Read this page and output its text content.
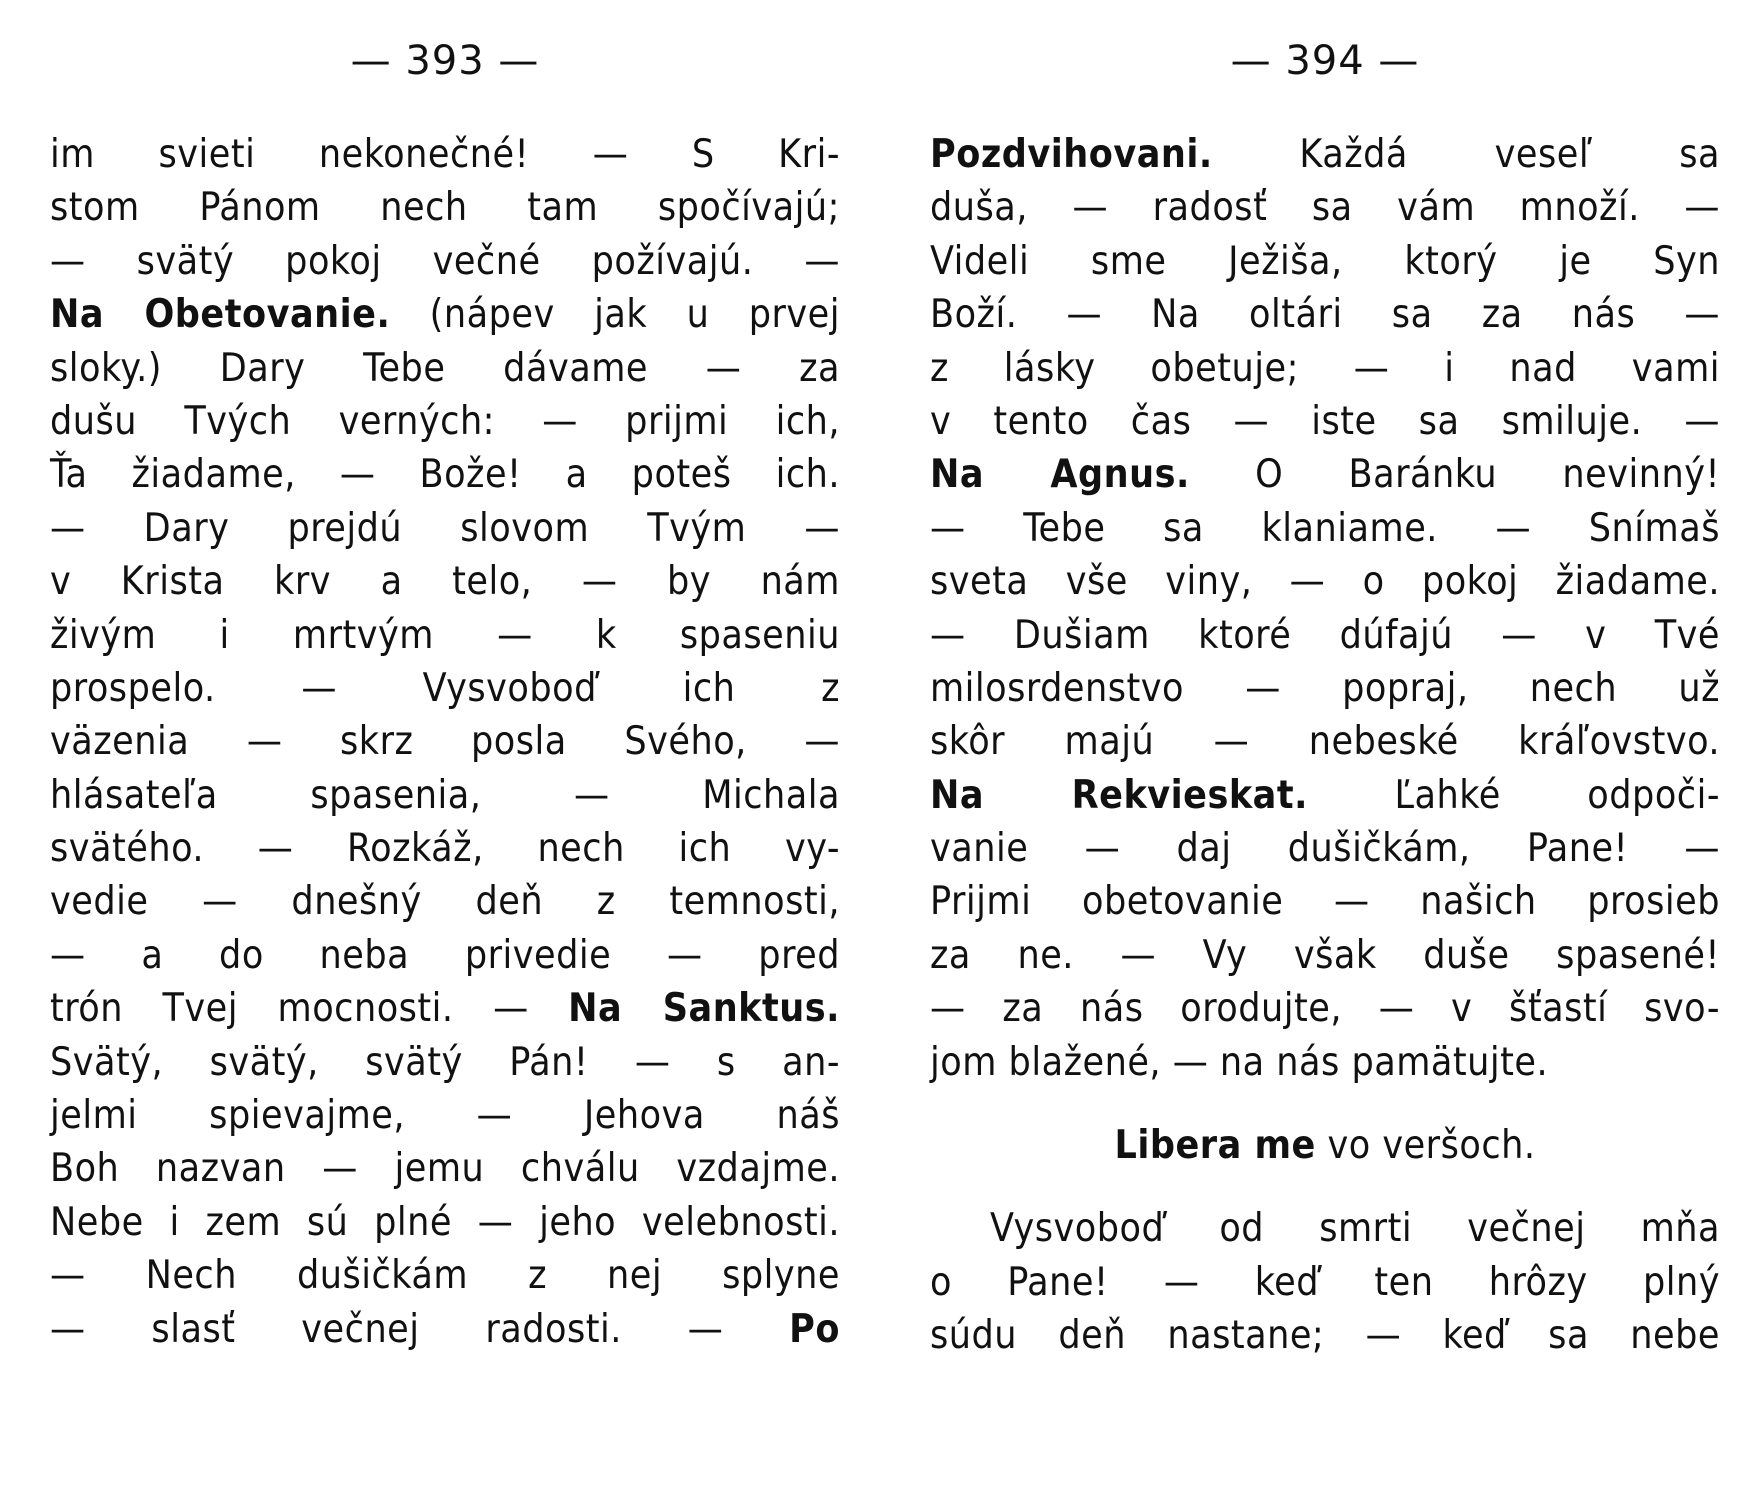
— 393 —
im svieti nekonečné! — S Kri-
stom Pánom nech tam spočívajú;
— svätý pokoj večné požívajú. —
Na Obetovanie. (nápev jak u prvej
sloky.) Dary Tebe dávame — za
dušu Tvých verných: — prijmi ich,
Ťa žiadame, — Bože! a poteš ich.
— Dary prejdú slovom Tvým —
v Krista krv a telo, — by nám
živým i mrtvým — k spaseniu
prospelo. — Vysvoboď ich z
väzenia — skrz posla Svého, —
hlásateľa spasenia, — Michala
svätého. — Rozkáž, nech ich vy-
vedie — dnešný deň z temnosti,
— a do neba privedie — pred
trón Tvej mocnosti. — Na Sanktus.
Svätý, svätý, svätý Pán! — s an-
jelmi spievajme, — Jehova náš
Boh nazvan — jemu chválu vzdajme.
Nebe i zem sú plné — jeho velebnosti.
— Nech dušičkám z nej splyne
— slasť večnej radosti. — Po
— 394 —
Pozdvihovani. Každá veseľ sa
duša, — radosť sa vám množí. —
Videli sme Ježiša, ktorý je Syn
Boží. — Na oltári sa za nás —
z lásky obetuje; — i nad vami
v tento čas — iste sa smiluje. —
Na Agnus. O Baránku nevinný!
— Tebe sa klaniame. — Snímaš
sveta vše viny, — o pokoj žiadame.
— Dušiam ktoré dúfajú — v Tvé
milosrdenstvo — popraj, nech už
skôr majú — nebeské kráľovstvo.
Na Rekvieskat. Ľahké odpoči-
vanie — daj dušičkám, Pane! —
Prijmi obetovanie — našich prosieb
za ne. — Vy však duše spasené!
— za nás orodujte, — v šťastí svo-
jom blažené, — na nás pamätujte.
Libera me vo veršoch.
Vysvoboď od smrti večnej mňa
o Pane! — keď ten hrôzy plný
súdu deň nastane; — keď sa nebe
